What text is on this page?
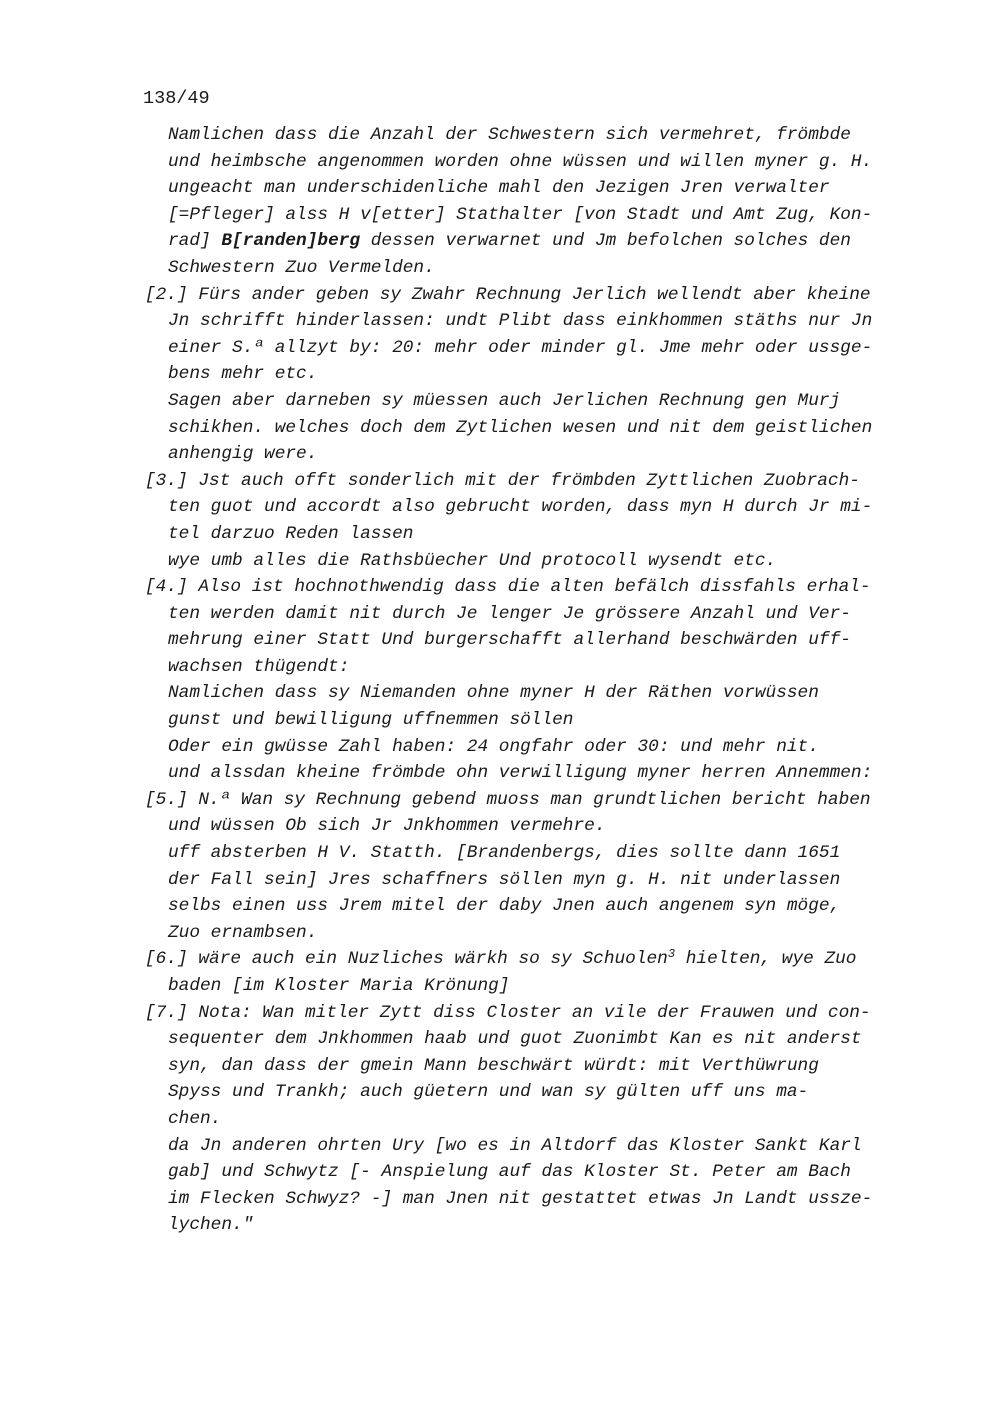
138/49
Namlichen dass die Anzahl der Schwestern sich vermehret, frömbde
und heimbsche angenommen worden ohne wüssen und willen myner g. H.
ungeacht man underschidenliche mahl den Jezigen Jren verwalter
[=Pfleger] alss H v[etter] Stathalter [von Stadt und Amt Zug, Kon-
rad] B[randen]berg dessen verwarnet und Jm befolchen solches den
Schwestern Zuo Vermelden.
[2.] Fürs ander geben sy Zwahr Rechnung Jerlich wellendt aber kheine
Jn schrifft hinderlassen: undt Plibt dass einkhommen stäths nur Jn
einer S.ª allzyt by: 20: mehr oder minder gl. Jme mehr oder ussge-
bens mehr etc.
Sagen aber darneben sy müessen auch Jerlichen Rechnung gen Murj
schikhen. welches doch dem Zytlichen wesen und nit dem geistlichen
anhengig were.
[3.] Jst auch offt sonderlich mit der frömbden Zyttlichen Zuobrach-
ten guot und accordt also gebrucht worden, dass myn H durch Jr mi-
tel darzuo Reden lassen
wye umb alles die Rathsbüecher Und protocoll wysendt etc.
[4.] Also ist hochnothwendig dass die alten befälch dissfahls erhal-
ten werden damit nit durch Je lenger Je grössere Anzahl und Ver-
mehrung einer Statt Und burgerschafft allerhand beschwärden uff-
wachsen thügendt:
Namlichen dass sy Niemanden ohne myner H der Räthen vorwüssen
gunst und bewilligung uffnemmen söllen
Oder ein gwüsse Zahl haben: 24 ongfahr oder 30: und mehr nit.
und alssdan kheine frömbde ohn verwilligung myner herren Annemmen:
[5.] N.ª Wan sy Rechnung gebend muoss man grundtlichen bericht haben
und wüssen Ob sich Jr Jnkhommen vermehre.
uff absterben H V. Statth. [Brandenbergs, dies sollte dann 1651
der Fall sein] Jres schaffners söllen myn g. H. nit underlassen
selbs einen uss Jrem mitel der daby Jnen auch angenem syn möge,
Zuo ernambsen.
[6.] wäre auch ein Nuzliches wärkh so sy Schuolen$^3$ hielten, wye Zuo
baden [im Kloster Maria Krönung]
[7.] Nota: Wan mitler Zytt diss Closter an vile der Frauwen und con-
sequenter dem Jnkhommen haab und guot Zuonimbt Kan es nit anderst
syn, dan dass der gmein Mann beschwärt würdt: mit Verthüwrung
Spyss und Trankh; auch güetern und wan sy gülten uff uns ma-
chen.
da Jn anderen ohrten Ury [wo es in Altdorf das Kloster Sankt Karl
gab] und Schwytz [- Anspielung auf das Kloster St. Peter am Bach
im Flecken Schwyz? -] man Jnen nit gestattet etwas Jn Landt ussze-
lychen."
